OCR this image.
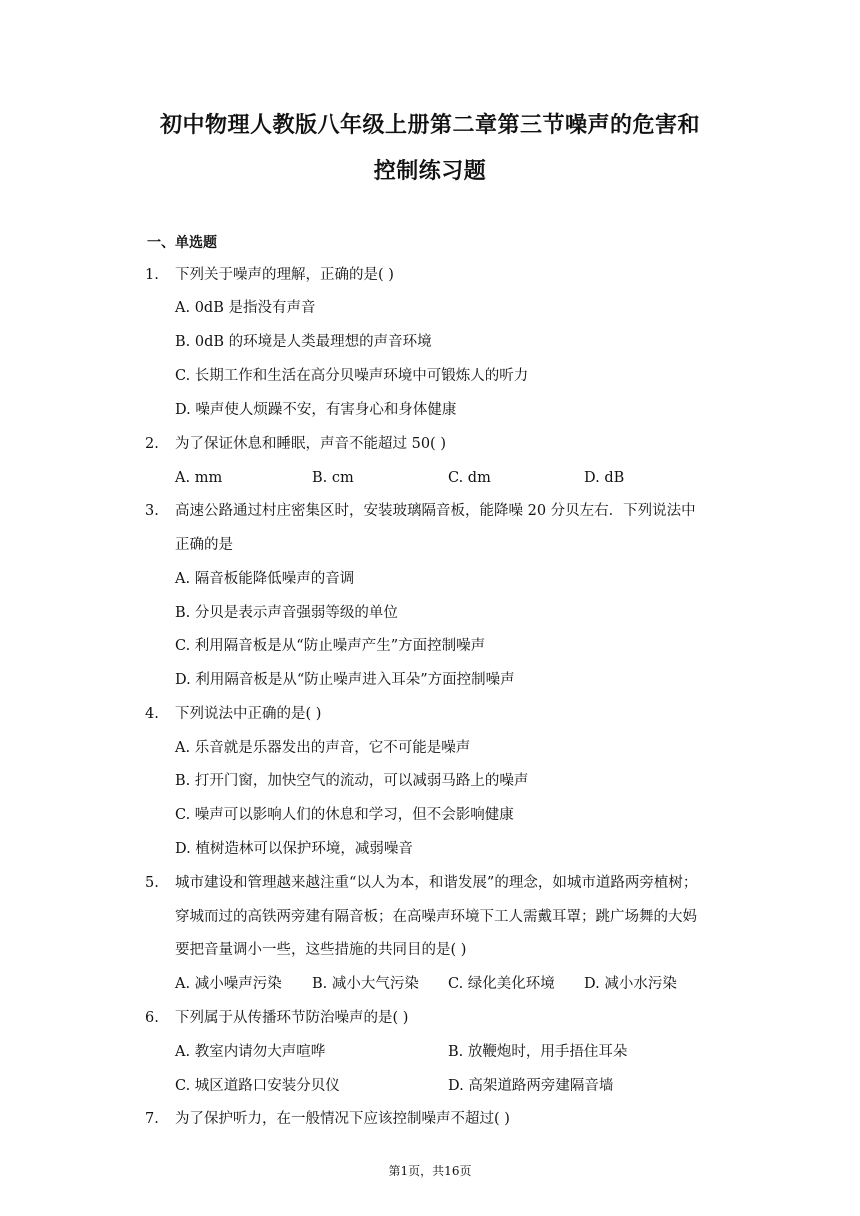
初中物理人教版八年级上册第二章第三节噪声的危害和
控制练习题
一、单选题
1. 下列关于噪声的理解，正确的是( )
A. 0dB 是指没有声音
B. 0dB 的环境是人类最理想的声音环境
C. 长期工作和生活在高分贝噪声环境中可锻炼人的听力
D. 噪声使人烦躁不安，有害身心和身体健康
2. 为了保证休息和睡眠，声音不能超过 50( )
A. mm	B. cm	C. dm	D. dB
3. 高速公路通过村庄密集区时，安装玻璃隔音板，能降噪 20 分贝左右．下列说法中
正确的是
A. 隔音板能降低噪声的音调
B. 分贝是表示声音强弱等级的单位
C. 利用隔音板是从“防止噪声产生”方面控制噪声
D. 利用隔音板是从“防止噪声进入耳朵”方面控制噪声
4. 下列说法中正确的是( )
A. 乐音就是乐器发出的声音，它不可能是噪声
B. 打开门窗，加快空气的流动，可以减弱马路上的噪声
C. 噪声可以影响人们的休息和学习，但不会影响健康
D. 植树造林可以保护环境，减弱噪音
5. 城市建设和管理越来越注重“以人为本，和谐发展”的理念，如城市道路两旁植树；
穿城而过的高铁两旁建有隔音板；在高噪声环境下工人需戴耳罩；跳广场舞的大妈
要把音量调小一些，这些措施的共同目的是( )
A. 减小噪声污染 B. 减小大气污染 C. 绿化美化环境 D. 减小水污染
6. 下列属于从传播环节防治噪声的是( )
A. 教室内请勿大声喧哗	B. 放鞭炮时，用手捂住耳朵
C. 城区道路口安装分贝仪	D. 高架道路两旁建隔音墙
7. 为了保护听力，在一般情况下应该控制噪声不超过( )
第1页，共16页
